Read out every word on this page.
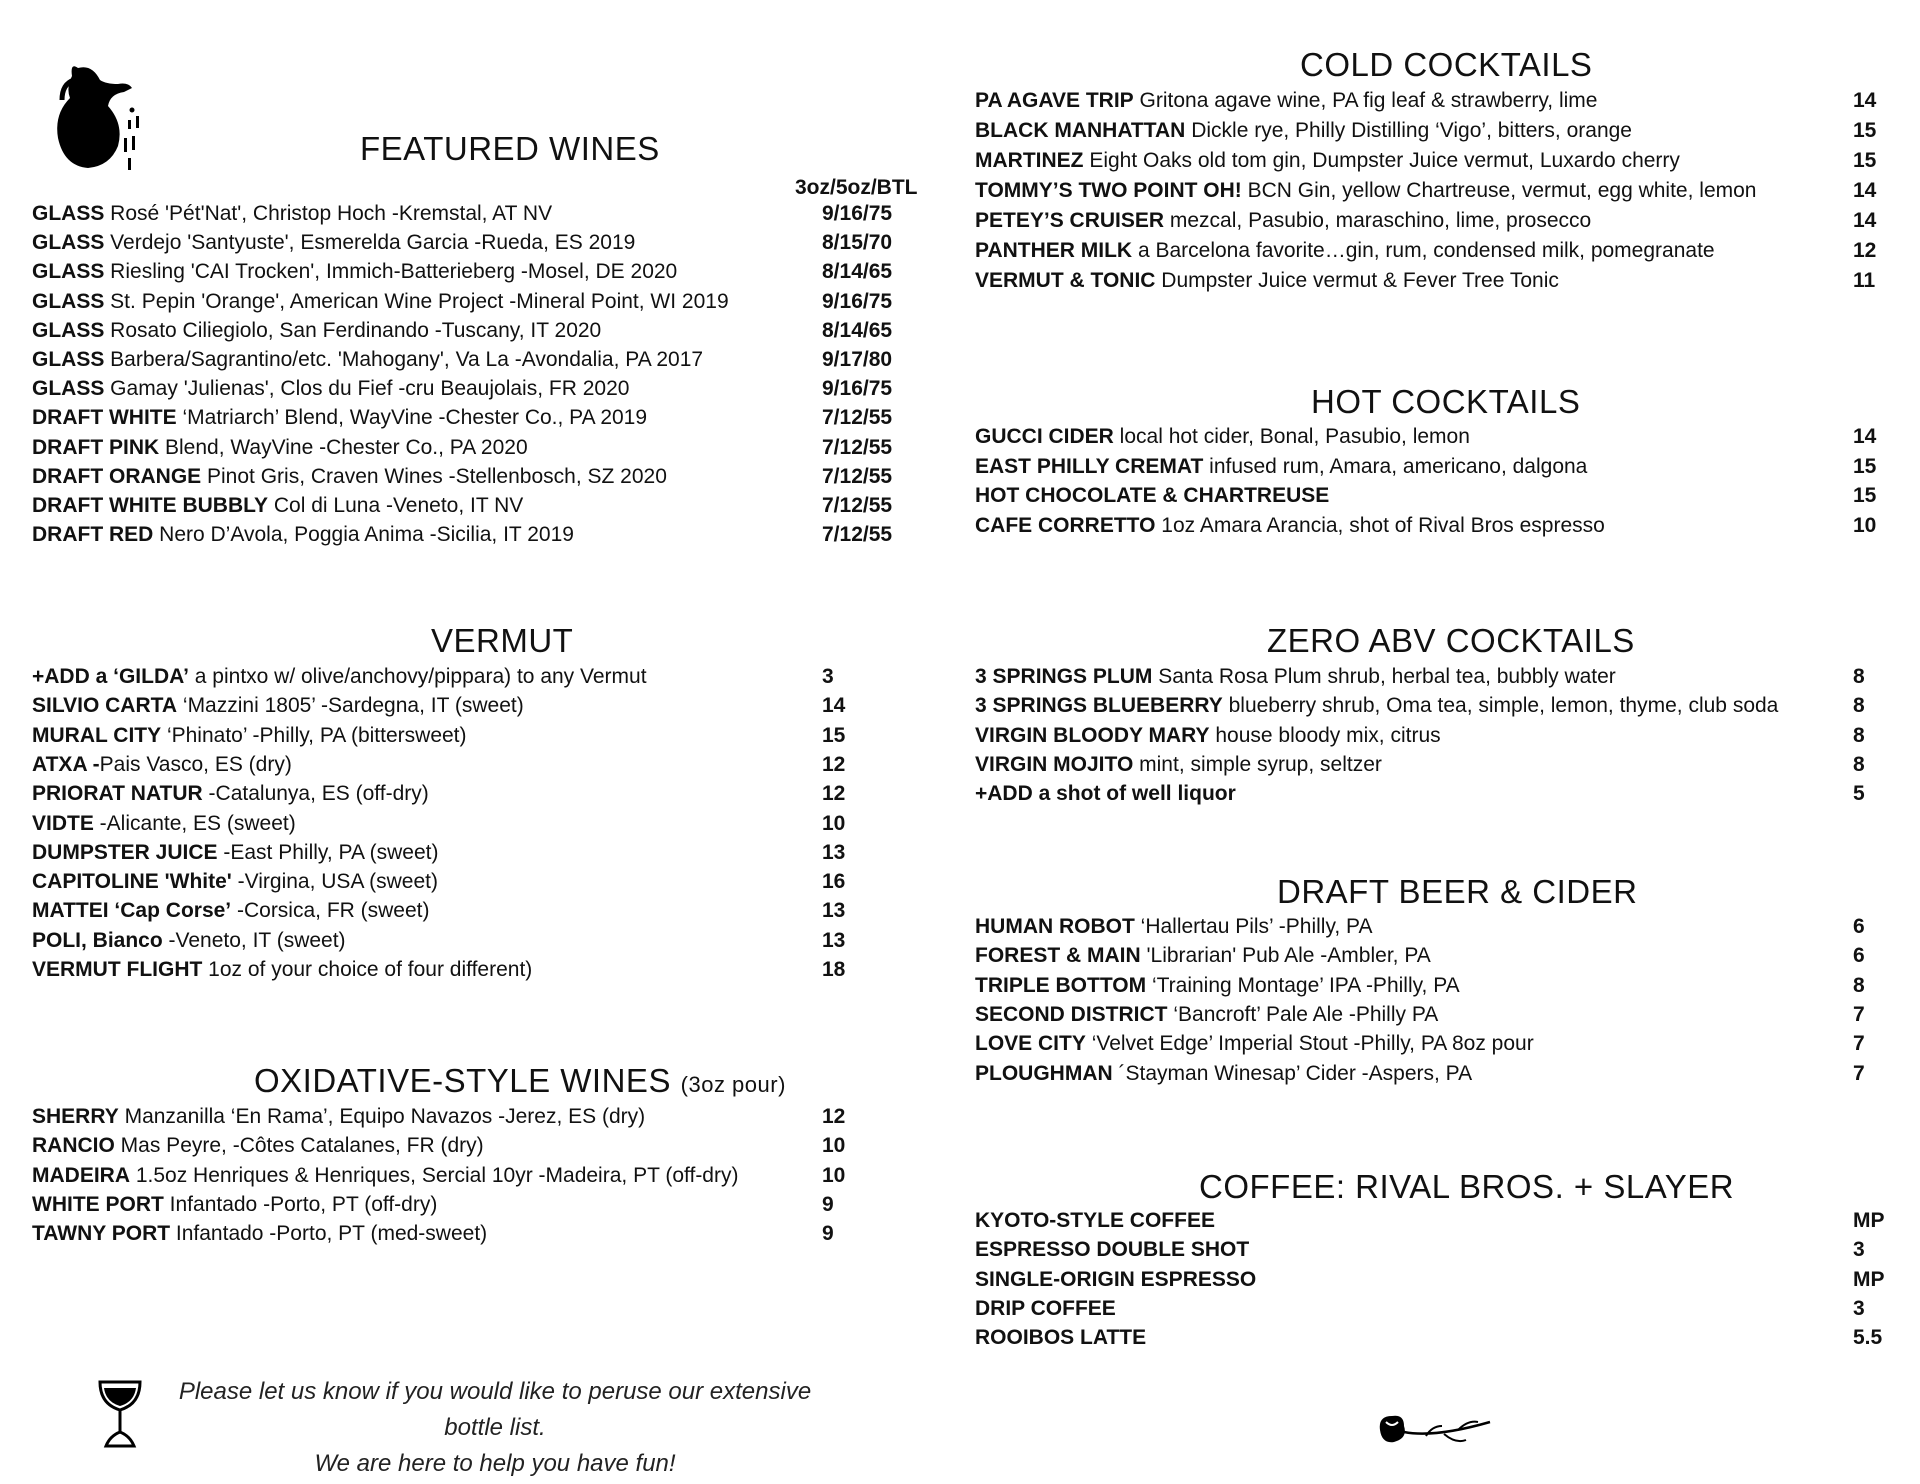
FEATURED WINES
3oz/5oz/BTL
GLASS Rosé 'Pét'Nat', Christop Hoch -Kremstal, AT NV	9/16/75
GLASS Verdejo 'Santyuste', Esmerelda Garcia -Rueda, ES 2019	8/15/70
GLASS Riesling 'CAI Trocken', Immich-Batterieberg -Mosel, DE 2020	8/14/65
GLASS St. Pepin 'Orange', American Wine Project -Mineral Point, WI 2019	9/16/75
GLASS Rosato Ciliegiolo, San Ferdinando -Tuscany, IT 2020	8/14/65
GLASS Barbera/Sagrantino/etc. 'Mahogany', Va La -Avondalia, PA 2017	9/17/80
GLASS Gamay 'Julienas', Clos du Fief -cru Beaujolais, FR 2020	9/16/75
DRAFT WHITE ‘Matriarch’ Blend, WayVine -Chester Co., PA 2019	7/12/55
DRAFT PINK Blend, WayVine -Chester Co., PA 2020	7/12/55
DRAFT ORANGE Pinot Gris, Craven Wines -Stellenbosch, SZ 2020	7/12/55
DRAFT WHITE BUBBLY Col di Luna -Veneto, IT NV	7/12/55
DRAFT RED Nero D’Avola, Poggia Anima -Sicilia, IT 2019	7/12/55
VERMUT
+ADD a ‘GILDA’ a pintxo w/ olive/anchovy/pippara) to any Vermut	3
SILVIO CARTA ‘Mazzini 1805’ -Sardegna, IT (sweet)	14
MURAL CITY ‘Phinato’ -Philly, PA (bittersweet)	15
ATXA -Pais Vasco, ES (dry)	12
PRIORAT NATUR -Catalunya, ES (off-dry)	12
VIDTE -Alicante, ES (sweet)	10
DUMPSTER JUICE -East Philly, PA (sweet)	13
CAPITOLINE 'White' -Virgina, USA (sweet)	16
MATTEI ‘Cap Corse’ -Corsica, FR (sweet)	13
POLI, Bianco -Veneto, IT (sweet)	13
VERMUT FLIGHT 1oz of your choice of four different)	18
OXIDATIVE-STYLE WINES (3oz pour)
SHERRY Manzanilla ‘En Rama’, Equipo Navazos -Jerez, ES (dry)	12
RANCIO Mas Peyre, -Côtes Catalanes, FR (dry)	10
MADEIRA 1.5oz Henriques & Henriques, Sercial 10yr -Madeira, PT (off-dry)	10
WHITE PORT Infantado -Porto, PT (off-dry)	9
TAWNY PORT Infantado -Porto, PT (med-sweet)	9
COLD COCKTAILS
PA AGAVE TRIP Gritona agave wine, PA fig leaf & strawberry, lime	14
BLACK MANHATTAN Dickle rye, Philly Distilling ‘Vigo’, bitters, orange	15
MARTINEZ Eight Oaks old tom gin, Dumpster Juice vermut, Luxardo cherry	15
TOMMY’S TWO POINT OH! BCN Gin, yellow Chartreuse, vermut, egg white, lemon	14
PETEY’S CRUISER mezcal, Pasubio, maraschino, lime, prosecco	14
PANTHER MILK a Barcelona favorite…gin, rum, condensed milk, pomegranate	12
VERMUT & TONIC Dumpster Juice vermut & Fever Tree Tonic	11
HOT COCKTAILS
GUCCI CIDER local hot cider, Bonal, Pasubio, lemon	14
EAST PHILLY CREMAT infused rum, Amara, americano, dalgona	15
HOT CHOCOLATE & CHARTREUSE	15
CAFE CORRETTO 1oz Amara Arancia, shot of Rival Bros espresso	10
ZERO ABV COCKTAILS
3 SPRINGS PLUM Santa Rosa Plum shrub, herbal tea, bubbly water	8
3 SPRINGS BLUEBERRY blueberry shrub, Oma tea, simple, lemon, thyme, club soda	8
VIRGIN BLOODY MARY house bloody mix, citrus	8
VIRGIN MOJITO mint, simple syrup, seltzer	8
+ADD a shot of well liquor	5
DRAFT BEER & CIDER
HUMAN ROBOT ‘Hallertau Pils’ -Philly, PA	6
FOREST & MAIN 'Librarian' Pub Ale -Ambler, PA	6
TRIPLE BOTTOM ‘Training Montage’ IPA -Philly, PA	8
SECOND DISTRICT ‘Bancroft’ Pale Ale -Philly PA	7
LOVE CITY ‘Velvet Edge’ Imperial Stout -Philly, PA 8oz pour	7
PLOUGHMAN ´Stayman Winesap’ Cider -Aspers, PA	7
COFFEE: RIVAL BROS. + SLAYER
KYOTO-STYLE COFFEE	MP
ESPRESSO DOUBLE SHOT	3
SINGLE-ORIGIN ESPRESSO	MP
DRIP COFFEE	3
ROOIBOS LATTE	5.5
Please let us know if you would like to peruse our extensive bottle list.
We are here to help you have fun!
